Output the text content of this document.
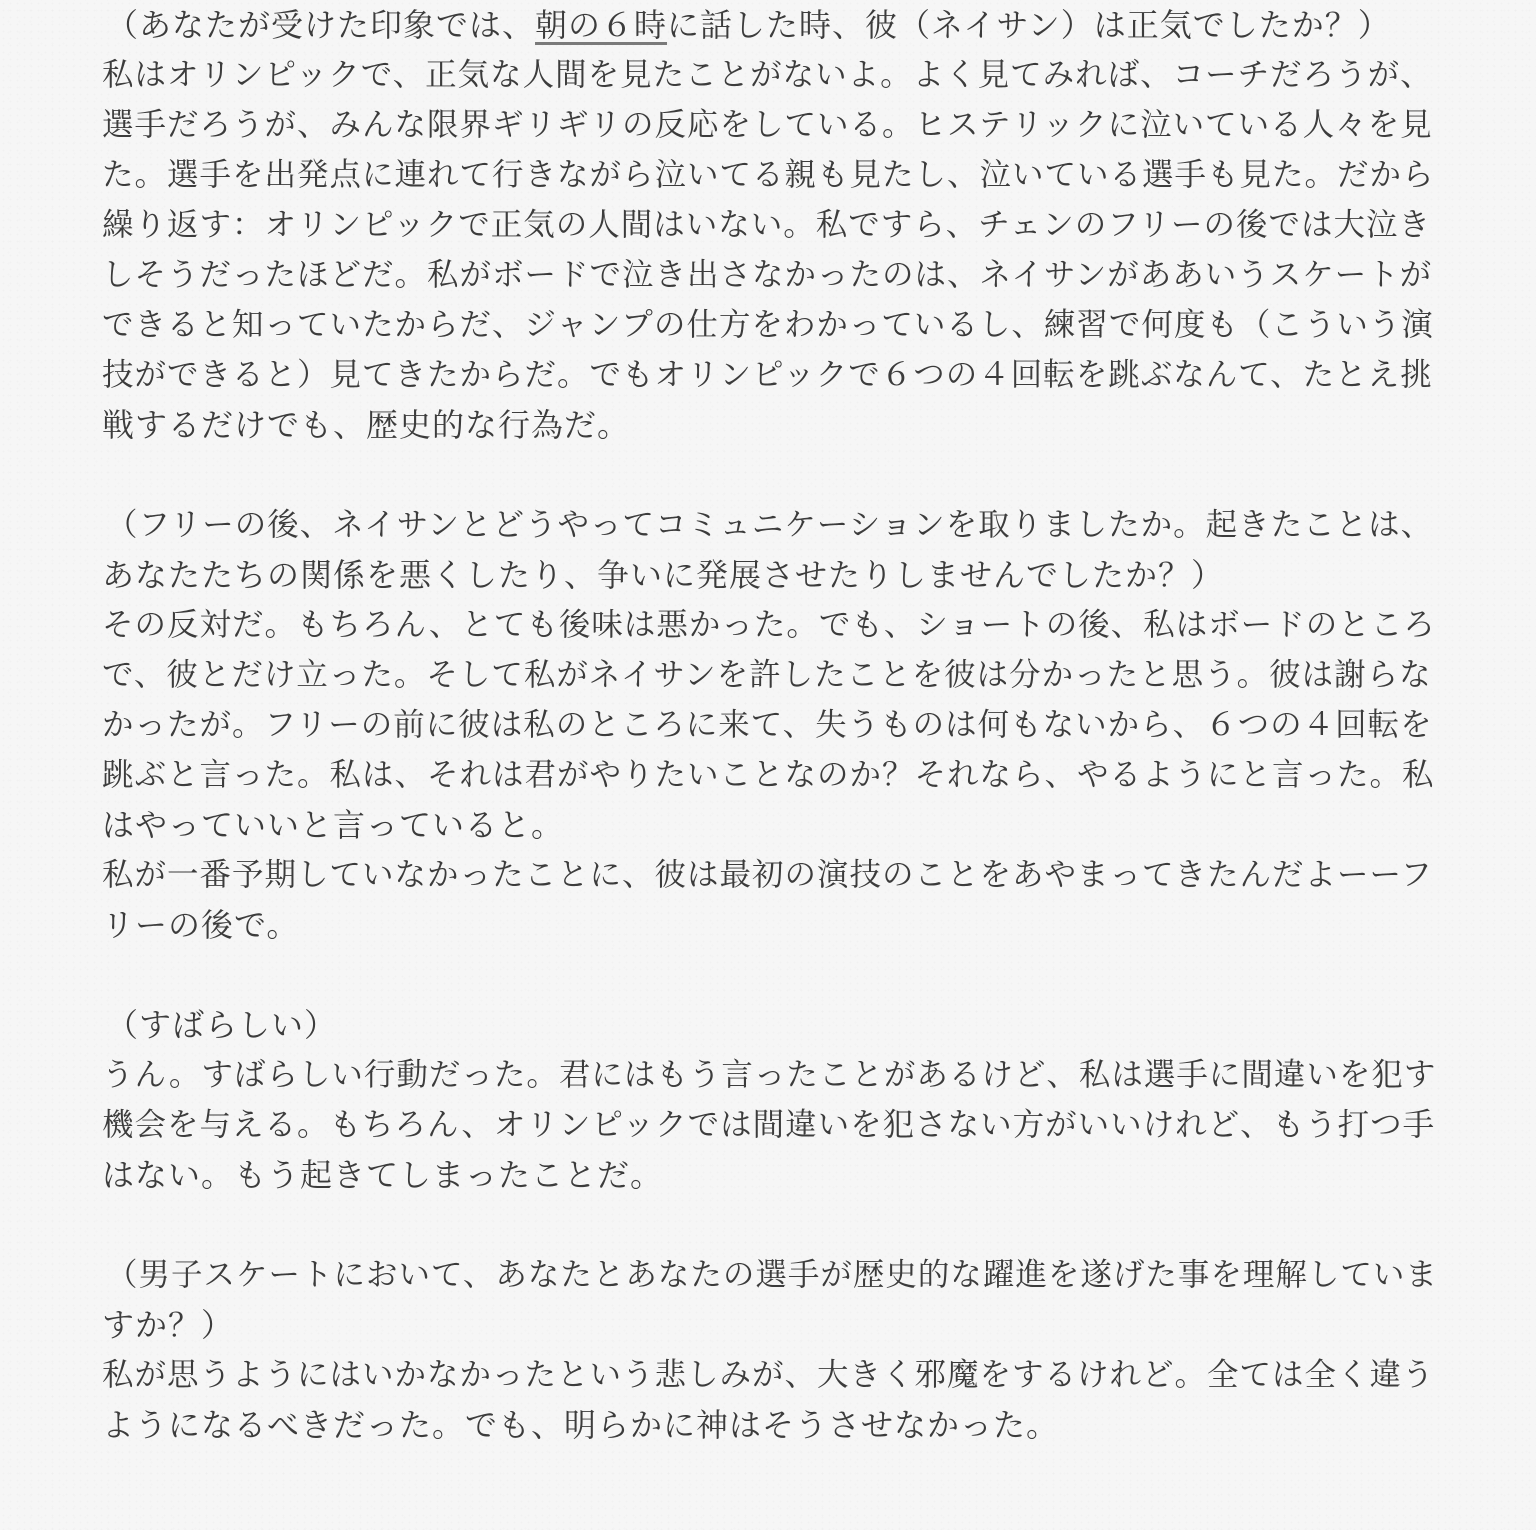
（あなたが受けた印象では、朝の６時に話した時、彼（ネイサン）は正気でしたか？）
私はオリンピックで、正気な人間を見たことがないよ。よく見てみれば、コーチだろうが、
選手だろうが、みんな限界ギリギリの反応をしている。ヒステリックに泣いている人々を見
た。選手を出発点に連れて行きながら泣いてる親も見たし、泣いている選手も見た。だから
繰り返す：オリンピックで正気の人間はいない。私ですら、チェンのフリーの後では大泣き
しそうだったほどだ。私がボードで泣き出さなかったのは、ネイサンがああいうスケートが
できると知っていたからだ、ジャンプの仕方をわかっているし、練習で何度も（こういう演
技ができると）見てきたからだ。でもオリンピックで６つの４回転を跳ぶなんて、たとえ挑
戦するだけでも、歴史的な行為だ。
（フリーの後、ネイサンとどうやってコミュニケーションを取りましたか。起きたことは、
あなたたちの関係を悪くしたり、争いに発展させたりしませんでしたか？）
その反対だ。もちろん、とても後味は悪かった。でも、ショートの後、私はボードのところ
で、彼とだけ立った。そして私がネイサンを許したことを彼は分かったと思う。彼は謝らな
かったが。フリーの前に彼は私のところに来て、失うものは何もないから、６つの４回転を
跳ぶと言った。私は、それは君がやりたいことなのか？それなら、やるようにと言った。私
はやっていいと言っていると。
私が一番予期していなかったことに、彼は最初の演技のことをあやまってきたんだよーーフ
リーの後で。
（すばらしい）
うん。すばらしい行動だった。君にはもう言ったことがあるけど、私は選手に間違いを犯す
機会を与える。もちろん、オリンピックでは間違いを犯さない方がいいけれど、もう打つ手
はない。もう起きてしまったことだ。
（男子スケートにおいて、あなたとあなたの選手が歴史的な躍進を遂げた事を理解していま
すか？）
私が思うようにはいかなかったという悲しみが、大きく邪魔をするけれど。全ては全く違う
ようになるべきだった。でも、明らかに神はそうさせなかった。
